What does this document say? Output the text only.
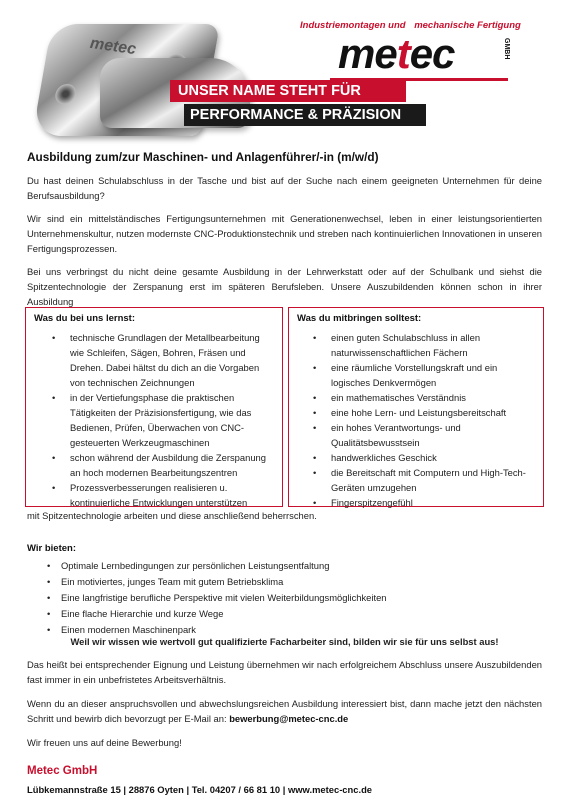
metec
Industriemontagen und mechanische Fertigung
metec	GMBH
UNSER NAME STEHT FÜR
PERFORMANCE & PRÄZISION
Ausbildung zum/zur Maschinen- und Anlagenführer/-in (m/w/d)

Du hast deinen Schulabschluss in der Tasche und bist auf der Suche nach einem geeigneten Unternehmen für deine Berufsausbildung?

Wir sind ein mittelständisches Fertigungsunternehmen mit Generationenwechsel, leben in einer leistungsorientierten Unternehmenskultur, nutzen modernste CNC-Produktionstechnik und streben nach kontinuierlichen Innovationen in unseren Fertigungsprozessen.

Bei uns verbringst du nicht deine gesamte Ausbildung in der Lehrwerkstatt oder auf der Schulbank und siehst die Spitzentechnologie der Zerspanung erst im späteren Berufsleben. Unsere Auszubildenden können schon in ihrer Ausbildung

Was du bei uns lernst:
• technische Grundlagen der Metallbearbeitung wie Schleifen, Sägen, Bohren, Fräsen und Drehen. Dabei hältst du dich an die Vorgaben von technischen Zeichnungen
• in der Vertiefungsphase die praktischen Tätigkeiten der Präzisionsfertigung, wie das Bedienen, Prüfen, Überwachen von CNC-gesteuerten Werkzeugmaschinen
• schon während der Ausbildung die Zerspanung an hoch modernen Bearbeitungszentren
• Prozessverbesserungen realisieren u. kontinuierliche Entwicklungen unterstützen
Was du mitbringen solltest:
• einen guten Schulabschluss in allen naturwissenschaftlichen Fächern
• eine räumliche Vorstellungskraft und ein logisches Denkvermögen
• ein mathematisches Verständnis
• eine hohe Lern- und Leistungsbereitschaft
• ein hohes Verantwortungs- und Qualitätsbewusstsein
• handwerkliches Geschick
• die Bereitschaft mit Computern und High-Tech-Geräten umzugehen
• Fingerspitzengefühl
mit Spitzentechnologie arbeiten und diese anschließend beherrschen.
Wir bieten:
• Optimale Lernbedingungen zur persönlichen Leistungsentfaltung
• Ein motiviertes, junges Team mit gutem Betriebsklima
• Eine langfristige berufliche Perspektive mit vielen Weiterbildungsmöglichkeiten
• Eine flache Hierarchie und kurze Wege
• Einen modernen Maschinenpark
Weil wir wissen wie wertvoll gut qualifizierte Facharbeiter sind, bilden wir sie für uns selbst aus!

Das heißt bei entsprechender Eignung und Leistung übernehmen wir nach erfolgreichem Abschluss unsere Auszubildenden fast immer in ein unbefristetes Arbeitsverhältnis.

Wenn du an dieser anspruchsvollen und abwechslungsreichen Ausbildung interessiert bist, dann mache jetzt den nächsten Schritt und bewirb dich bevorzugt per E-Mail an: bewerbung@metec-cnc.de

Wir freuen uns auf deine Bewerbung!

Metec GmbH
Lübkemannstraße 15 | 28876 Oyten | Tel. 04207 / 66 81 10 | www.metec-cnc.de
